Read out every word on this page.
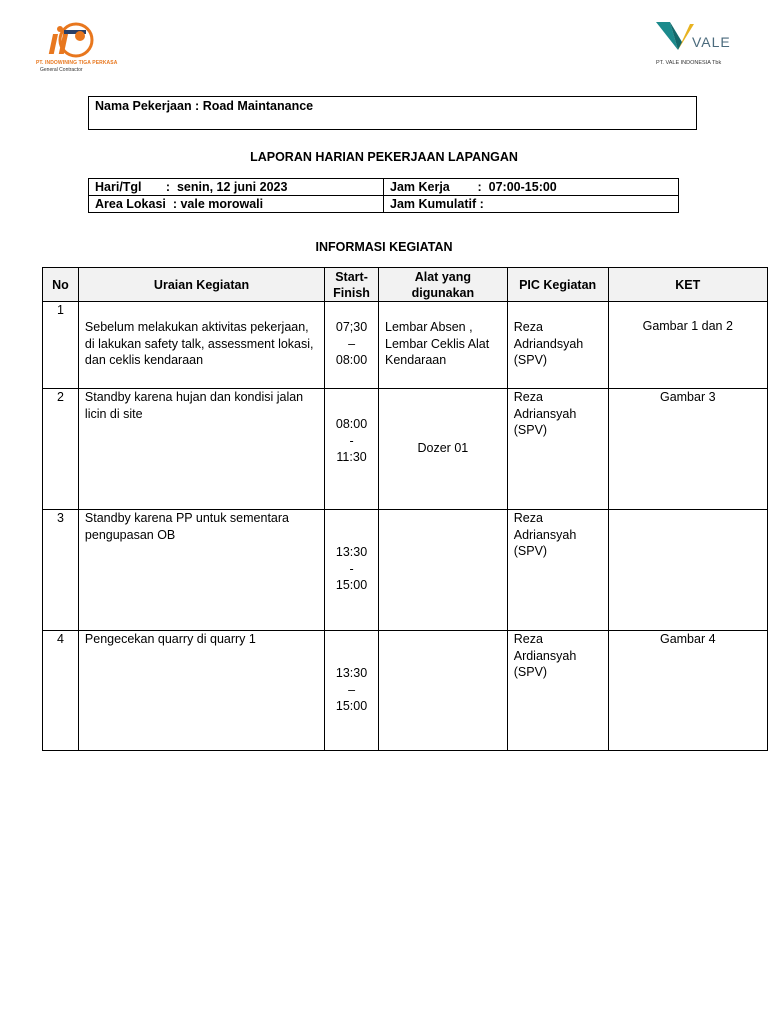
PT. INDOWINING TIGA PERKASA
General Contractor
VALE
PT. VALE INDONESIA Tbk
Nama Pekerjaan : Road Maintanance
LAPORAN HARIAN PEKERJAAN LAPANGAN
Hari/Tgl       :  senin, 12 juni 2023	Jam Kerja        :  07:00-15:00
Area Lokasi  : vale morowali	Jam Kumulatif :
INFORMASI KEGIATAN
No	Uraian Kegiatan	Start-
Finish	Alat yang
digunakan	PIC Kegiatan	KET

1	Sebelum melakukan aktivitas pekerjaan, di lakukan safety talk, assessment lokasi, dan ceklis kendaraan	07;30
–
08:00	Lembar Absen , Lembar Ceklis Alat Kendaraan	Reza Adriandsyah (SPV)	Gambar 1 dan 2

2	Standby karena hujan dan kondisi jalan licin di site	08:00
-
11:30	Dozer 01	Reza Adriansyah (SPV)	Gambar 3

3	Standby karena PP untuk sementara pengupasan OB	13:30
-
15:00		Reza Adriansyah (SPV)	

4	Pengecekan quarry di quarry 1	13:30
–
15:00		Reza Ardiansyah (SPV)	Gambar 4
